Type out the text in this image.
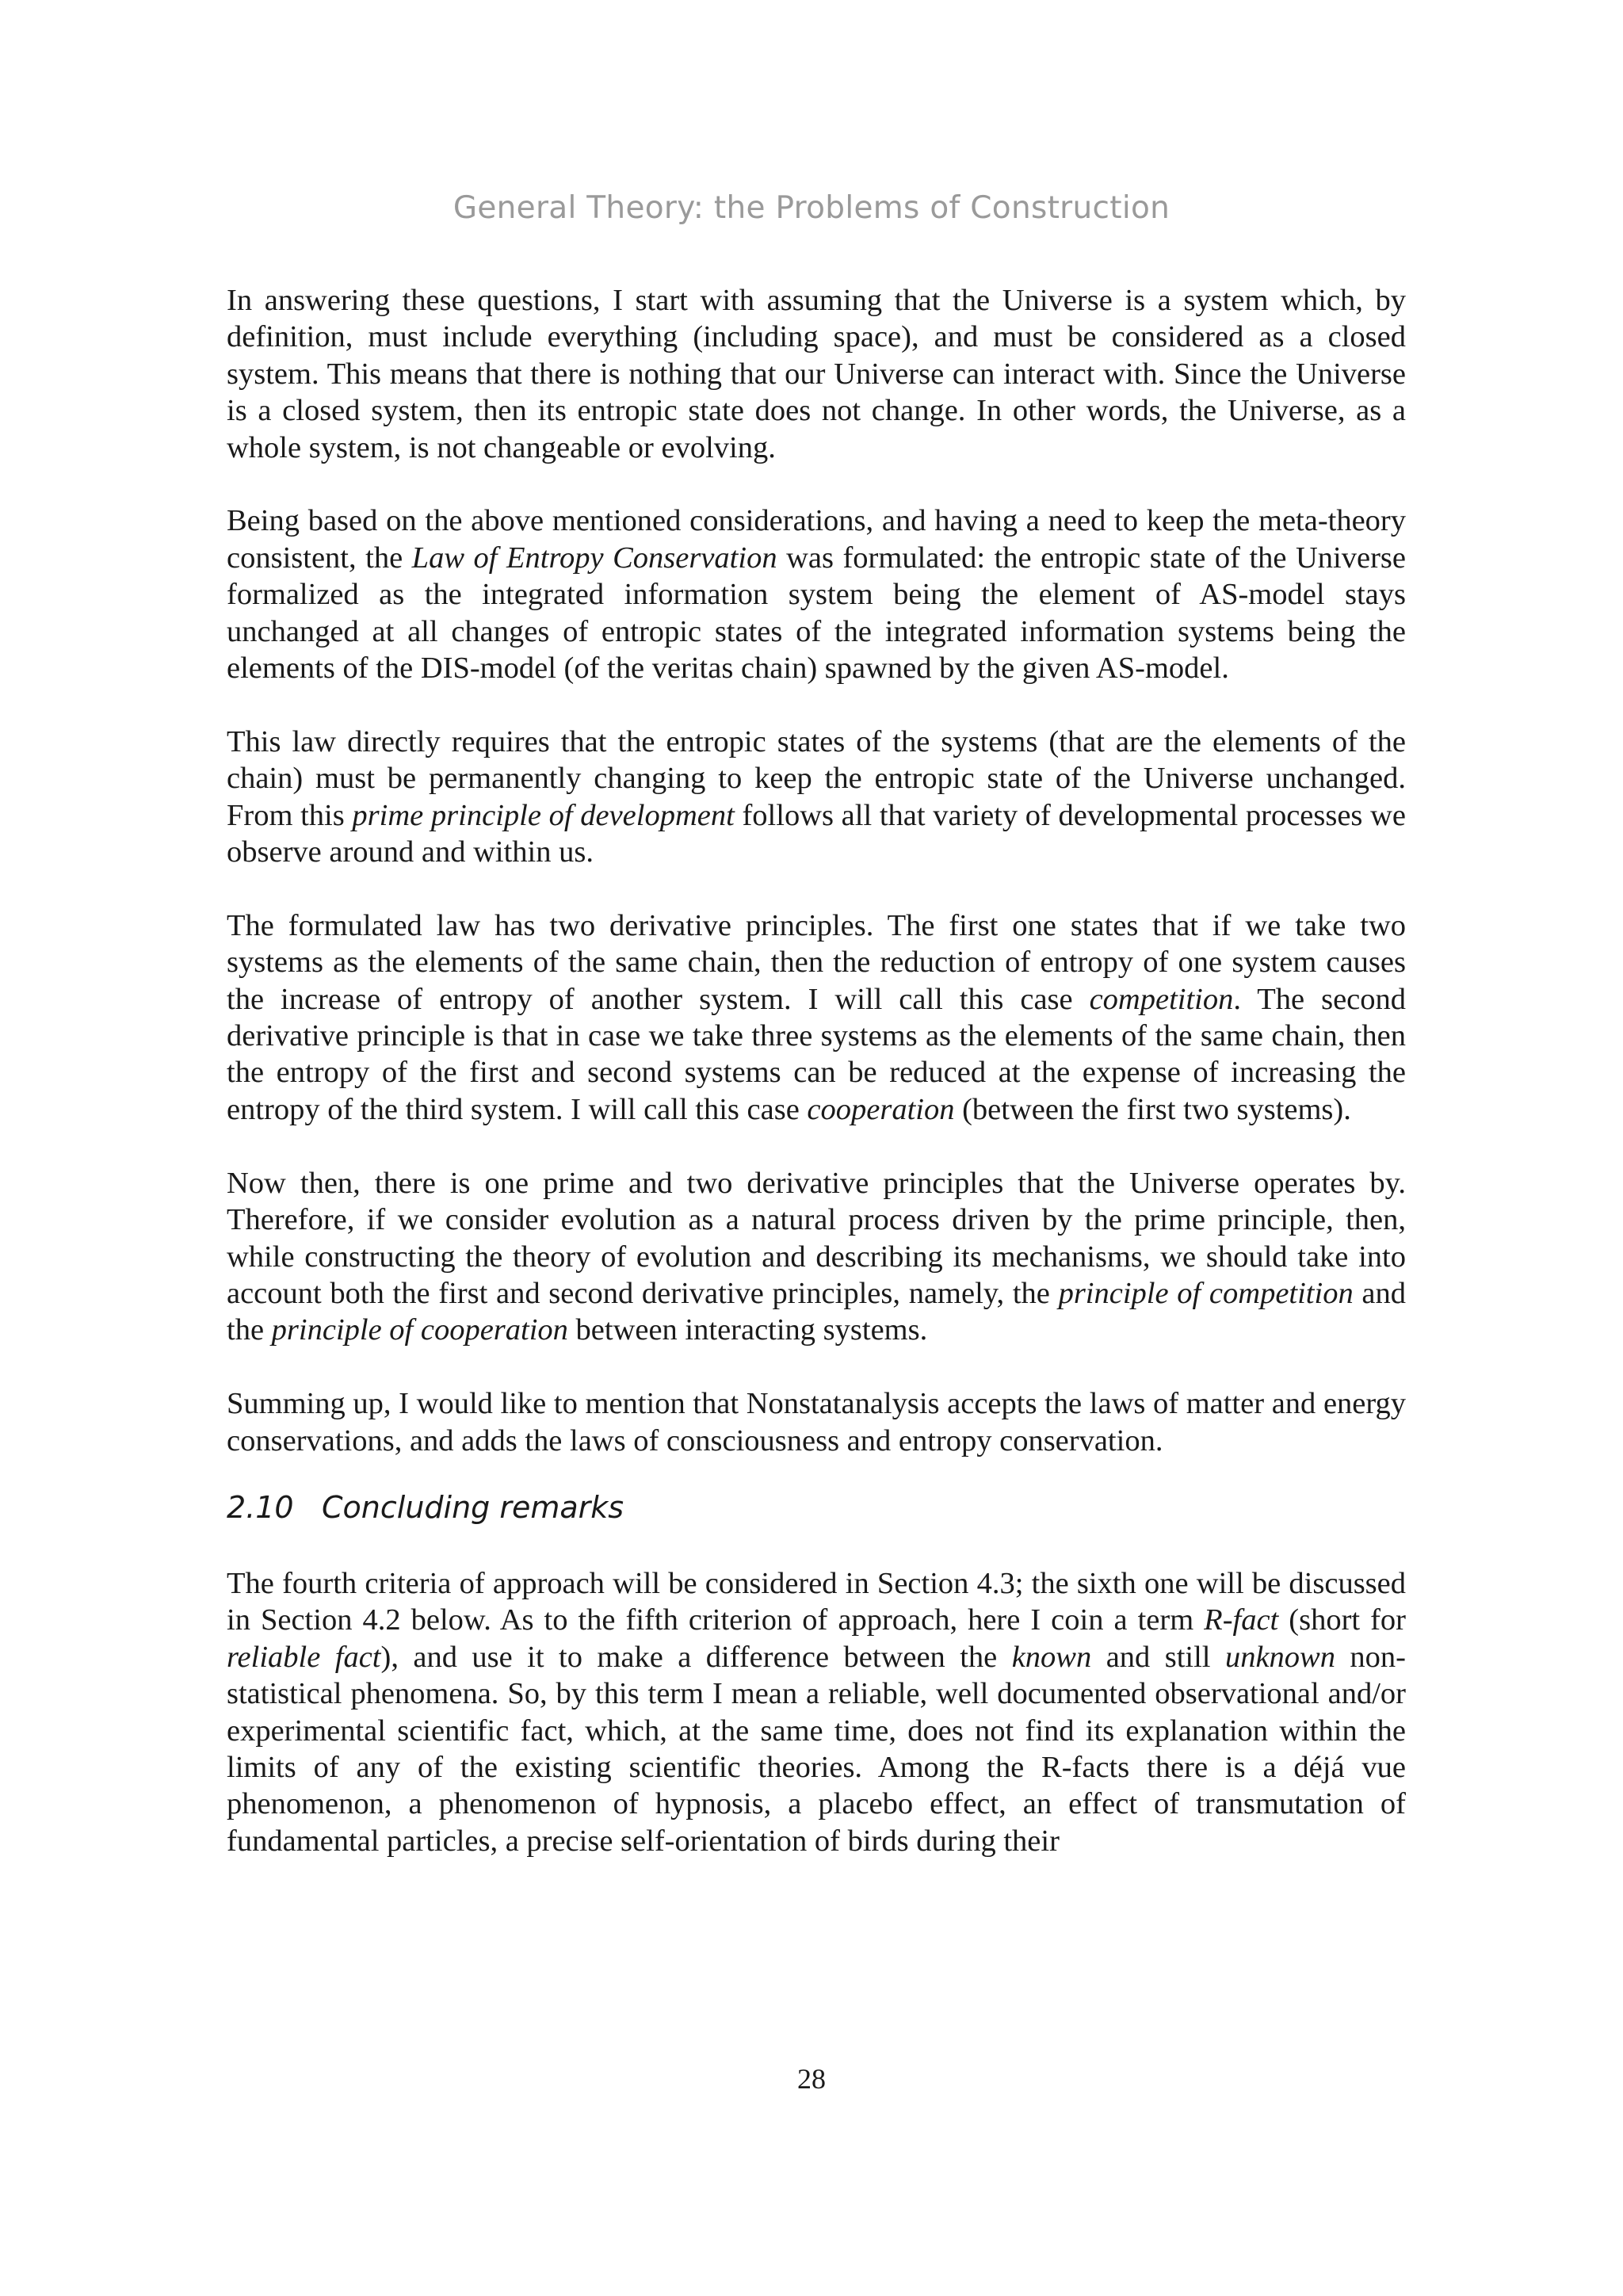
General Theory: the Problems of Construction

In answering these questions, I start with assuming that the Universe is a system which, by definition, must include everything (including space), and must be considered as a closed system. This means that there is nothing that our Universe can interact with. Since the Universe is a closed system, then its entropic state does not change. In other words, the Universe, as a whole system, is not changeable or evolving.

Being based on the above mentioned considerations, and having a need to keep the meta-theory consistent, the Law of Entropy Conservation was formulated: the entropic state of the Universe formalized as the integrated information system being the element of AS-model stays unchanged at all changes of entropic states of the integrated information systems being the elements of the DIS-model (of the veritas chain) spawned by the given AS-model.

This law directly requires that the entropic states of the systems (that are the elements of the chain) must be permanently changing to keep the entropic state of the Universe unchanged. From this prime principle of development follows all that variety of developmental processes we observe around and within us.

The formulated law has two derivative principles. The first one states that if we take two systems as the elements of the same chain, then the reduction of entropy of one system causes the increase of entropy of another system. I will call this case competition. The second derivative principle is that in case we take three systems as the elements of the same chain, then the entropy of the first and second systems can be reduced at the expense of increasing the entropy of the third system. I will call this case cooperation (between the first two systems).

Now then, there is one prime and two derivative principles that the Universe operates by. Therefore, if we consider evolution as a natural process driven by the prime principle, then, while constructing the theory of evolution and describing its mechanisms, we should take into account both the first and second derivative principles, namely, the principle of competition and the principle of cooperation between interacting systems.

Summing up, I would like to mention that Nonstatanalysis accepts the laws of matter and energy conservations, and adds the laws of consciousness and entropy conservation.

2.10 Concluding remarks

The fourth criteria of approach will be considered in Section 4.3; the sixth one will be discussed in Section 4.2 below. As to the fifth criterion of approach, here I coin a term R-fact (short for reliable fact), and use it to make a difference between the known and still unknown non-statistical phenomena. So, by this term I mean a reliable, well documented observational and/or experimental scientific fact, which, at the same time, does not find its explanation within the limits of any of the existing scientific theories. Among the R-facts there is a déjá vue phenomenon, a phenomenon of hypnosis, a placebo effect, an effect of transmutation of fundamental particles, a precise self-orientation of birds during their

28
